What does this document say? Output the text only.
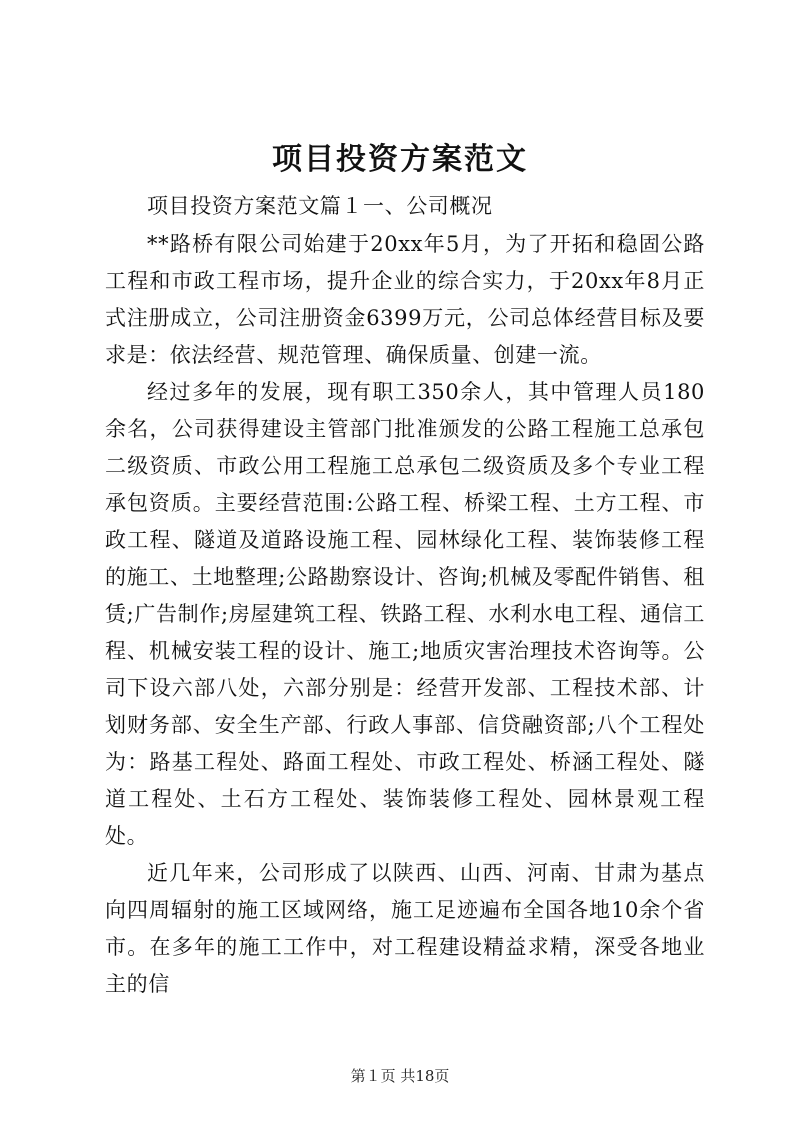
项目投资方案范文

项目投资方案范文篇１一、公司概况

**路桥有限公司始建于20xx年5月，为了开拓和稳固公路工程和市政工程市场，提升企业的综合实力，于20xx年8月正式注册成立，公司注册资金6399万元，公司总体经营目标及要求是：依法经营、规范管理、确保质量、创建一流。

经过多年的发展，现有职工350余人，其中管理人员180余名，公司获得建设主管部门批准颁发的公路工程施工总承包二级资质、市政公用工程施工总承包二级资质及多个专业工程承包资质。主要经营范围:公路工程、桥梁工程、土方工程、市政工程、隧道及道路设施工程、园林绿化工程、装饰装修工程的施工、土地整理;公路勘察设计、咨询;机械及零配件销售、租赁;广告制作;房屋建筑工程、铁路工程、水利水电工程、通信工程、机械安装工程的设计、施工;地质灾害治理技术咨询等。公司下设六部八处，六部分别是：经营开发部、工程技术部、计划财务部、安全生产部、行政人事部、信贷融资部;八个工程处为：路基工程处、路面工程处、市政工程处、桥涵工程处、隧道工程处、土石方工程处、装饰装修工程处、园林景观工程处。

近几年来，公司形成了以陕西、山西、河南、甘肃为基点向四周辐射的施工区域网络，施工足迹遍布全国各地10余个省市。在多年的施工工作中，对工程建设精益求精，深受各地业主的信

第１页 共18页
